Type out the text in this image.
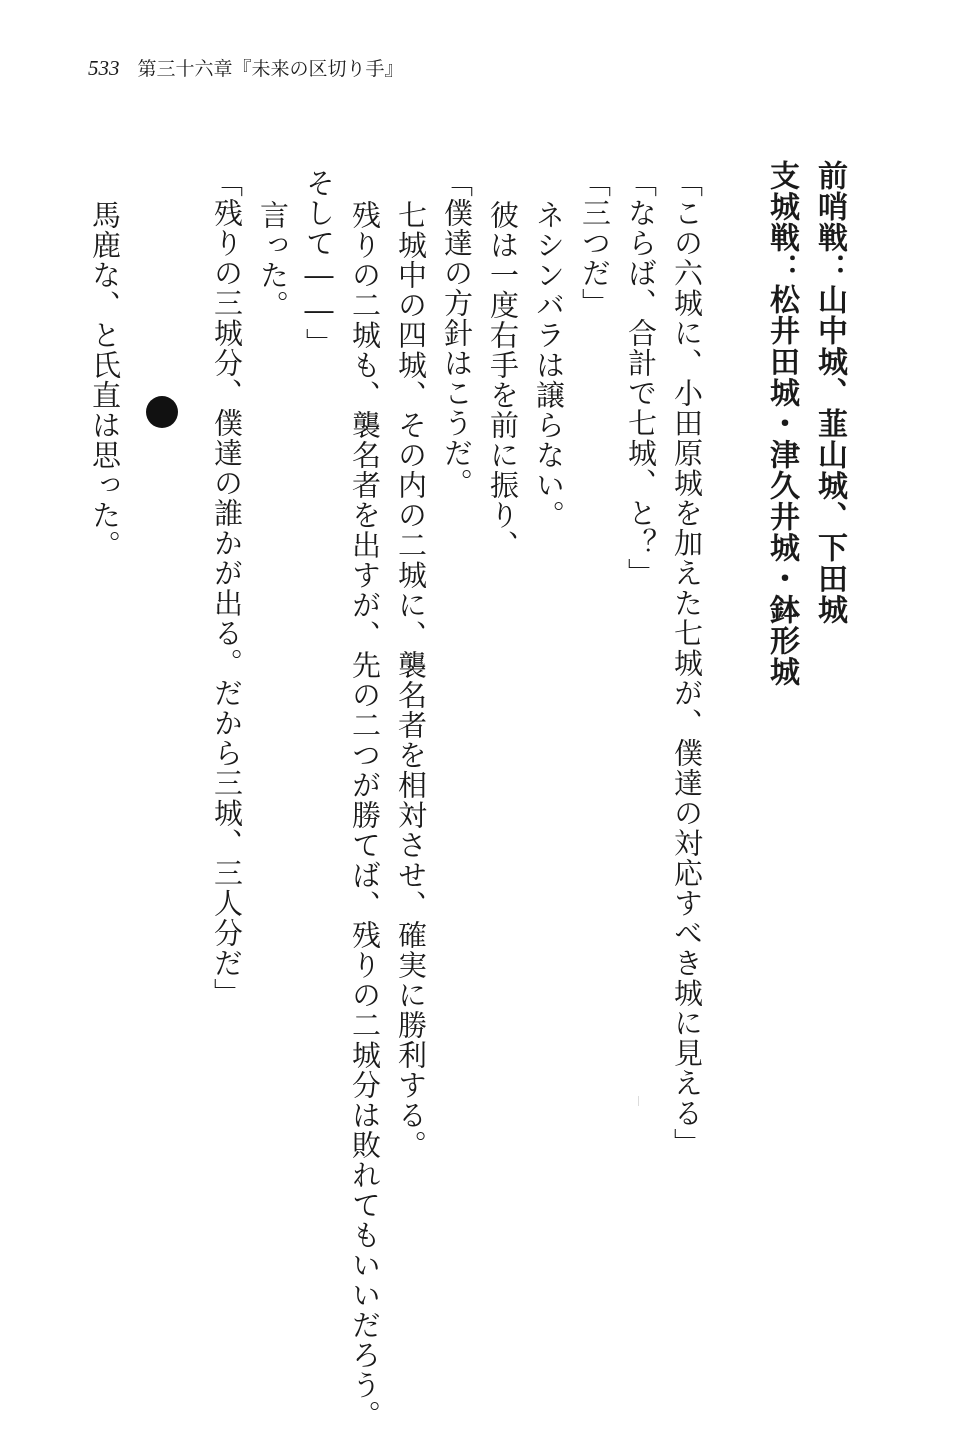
533 第三十六章『未来の区切り手』
前哨戦：山中城、韮山城、下田城
支城戦：松井田城・津久井城・鉢形城
「この六城に、小田原城を加えた七城が、僕達の対応すべき城に見える」
「ならば、合計で七城、と？」
「三つだ」
ネシンバラは譲らない。
彼は一度右手を前に振り、
「僕達の方針はこうだ。
七城中の四城、その内の二城に、襲名者を相対させ、確実に勝利する。
残りの二城も、襲名者を出すが、先の二つが勝てば、残りの二城分は敗れてもいいだろう。
そして――」
言った。
「残りの三城分、僕達の誰かが出る。だから三城、三人分だ」
馬鹿な、と氏直は思った。
